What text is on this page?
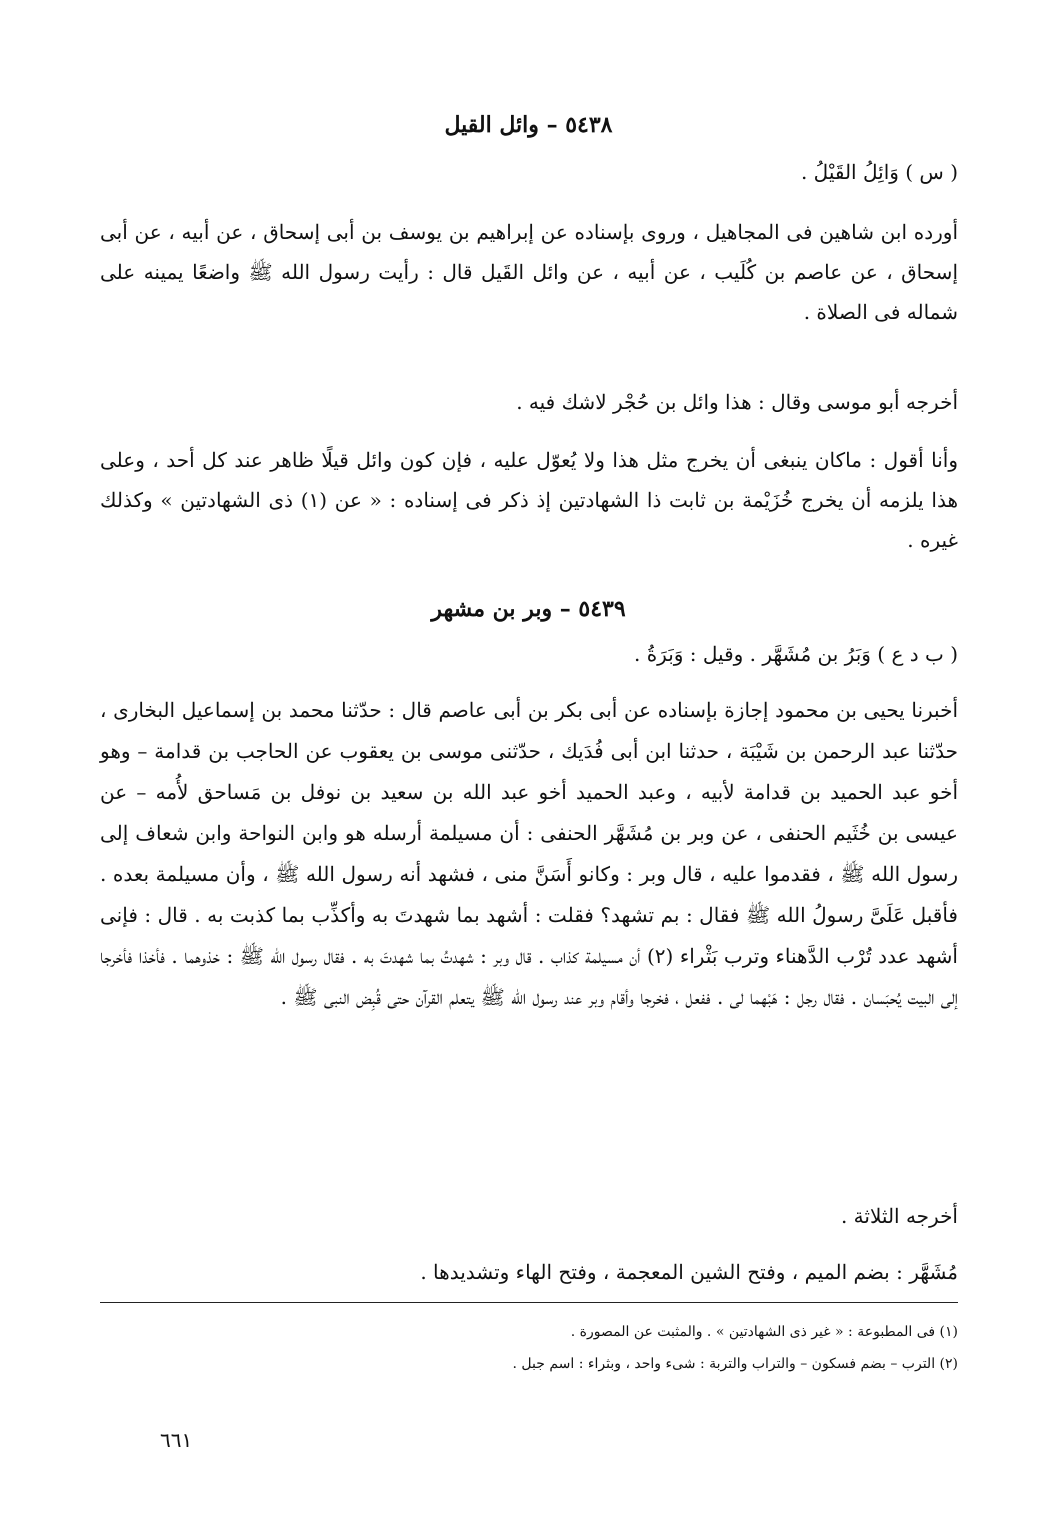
٥٤٣٨ – وائل القيل
( س ) وَائِلُ القَيْلُ .
أورده ابن شاهين فى المجاهيل ، وروى بإسناده عن إبراهيم بن يوسف بن أبى إسحاق ، عن أبيه ، عن أبى إسحاق ، عن عاصم بن كُلَيب ، عن أبيه ، عن وائل القَيل قال : رأيت رسول الله ﷺ واضعًا يمينه على شماله فى الصلاة .
أخرجه أبو موسى وقال : هذا وائل بن حُجْر لاشك فيه .
وأنا أقول : ماكان ينبغى أن يخرج مثل هذا ولا يُعوّل عليه ، فإن كون وائل قيلًا ظاهر عند كل أحد ، وعلى هذا يلزمه أن يخرج خُزَيْمة بن ثابت ذا الشهادتين إذ ذكر فى إسناده : « عن (١) ذى الشهادتين » وكذلك غيره .
٥٤٣٩ – وبر بن مشهر
( ب د ع ) وَبَرُ بن مُشَهَّر . وقيل : وَبَرَةُ .
أخبرنا يحيى بن محمود إجازة بإسناده عن أبى بكر بن أبى عاصم قال : حدّثنا محمد بن إسماعيل البخارى ، حدّثنا عبد الرحمن بن شَيْبَة ، حدثنا ابن أبى فُدَيك ، حدّثنى موسى بن يعقوب عن الحاجب بن قدامة – وهو أخو عبد الحميد بن قدامة لأبيه ، وعبد الحميد أخو عبد الله بن سعيد بن نوفل بن مَساحق لأُمه – عن عيسى بن خُثَيم الحنفى ، عن وبر بن مُشَهَّر الحنفى : أن مسيلمة أرسله هو وابن النواحة وابن شعاف إلى رسول الله ﷺ ، فقدموا عليه ، قال وبر : وكانو أَسَنَّ منى ، فشهد أنه رسول الله ﷺ ، وأن مسيلمة بعده . فأقبل عَلَىَّ رسولُ الله ﷺ فقال : بم تشهد؟ فقلت : أشهد بما شهدتَ به وأكذِّب بما كذبت به . قال : فإنى أشهد عدد تُرْب الدَّهناء وترب بَثْراء (٢) أن مسيلمة كذاب . قال وبر : شهدتُ بما شهدتَ به . فقال رسول الله ﷺ : خذوهما . فأخذا فأخرجا إلى البيت يُحبَسان . فقال رجل : هَبْهما لى . ففعل ، فخرجا وأقام وبر عند رسول الله ﷺ يتعلم القرآن حتى قُبِض النبى ﷺ .
أخرجه الثلاثة .
مُشَهَّر : بضم الميم ، وفتح الشين المعجمة ، وفتح الهاء وتشديدها .
(١) فى المطبوعة : « غير ذى الشهادتين » . والمثبت عن المصورة .
(٢) الترب – بضم فسكون – والتراب والتربة : شىء واحد ، وبثراء : اسم جبل .
٦٦١
